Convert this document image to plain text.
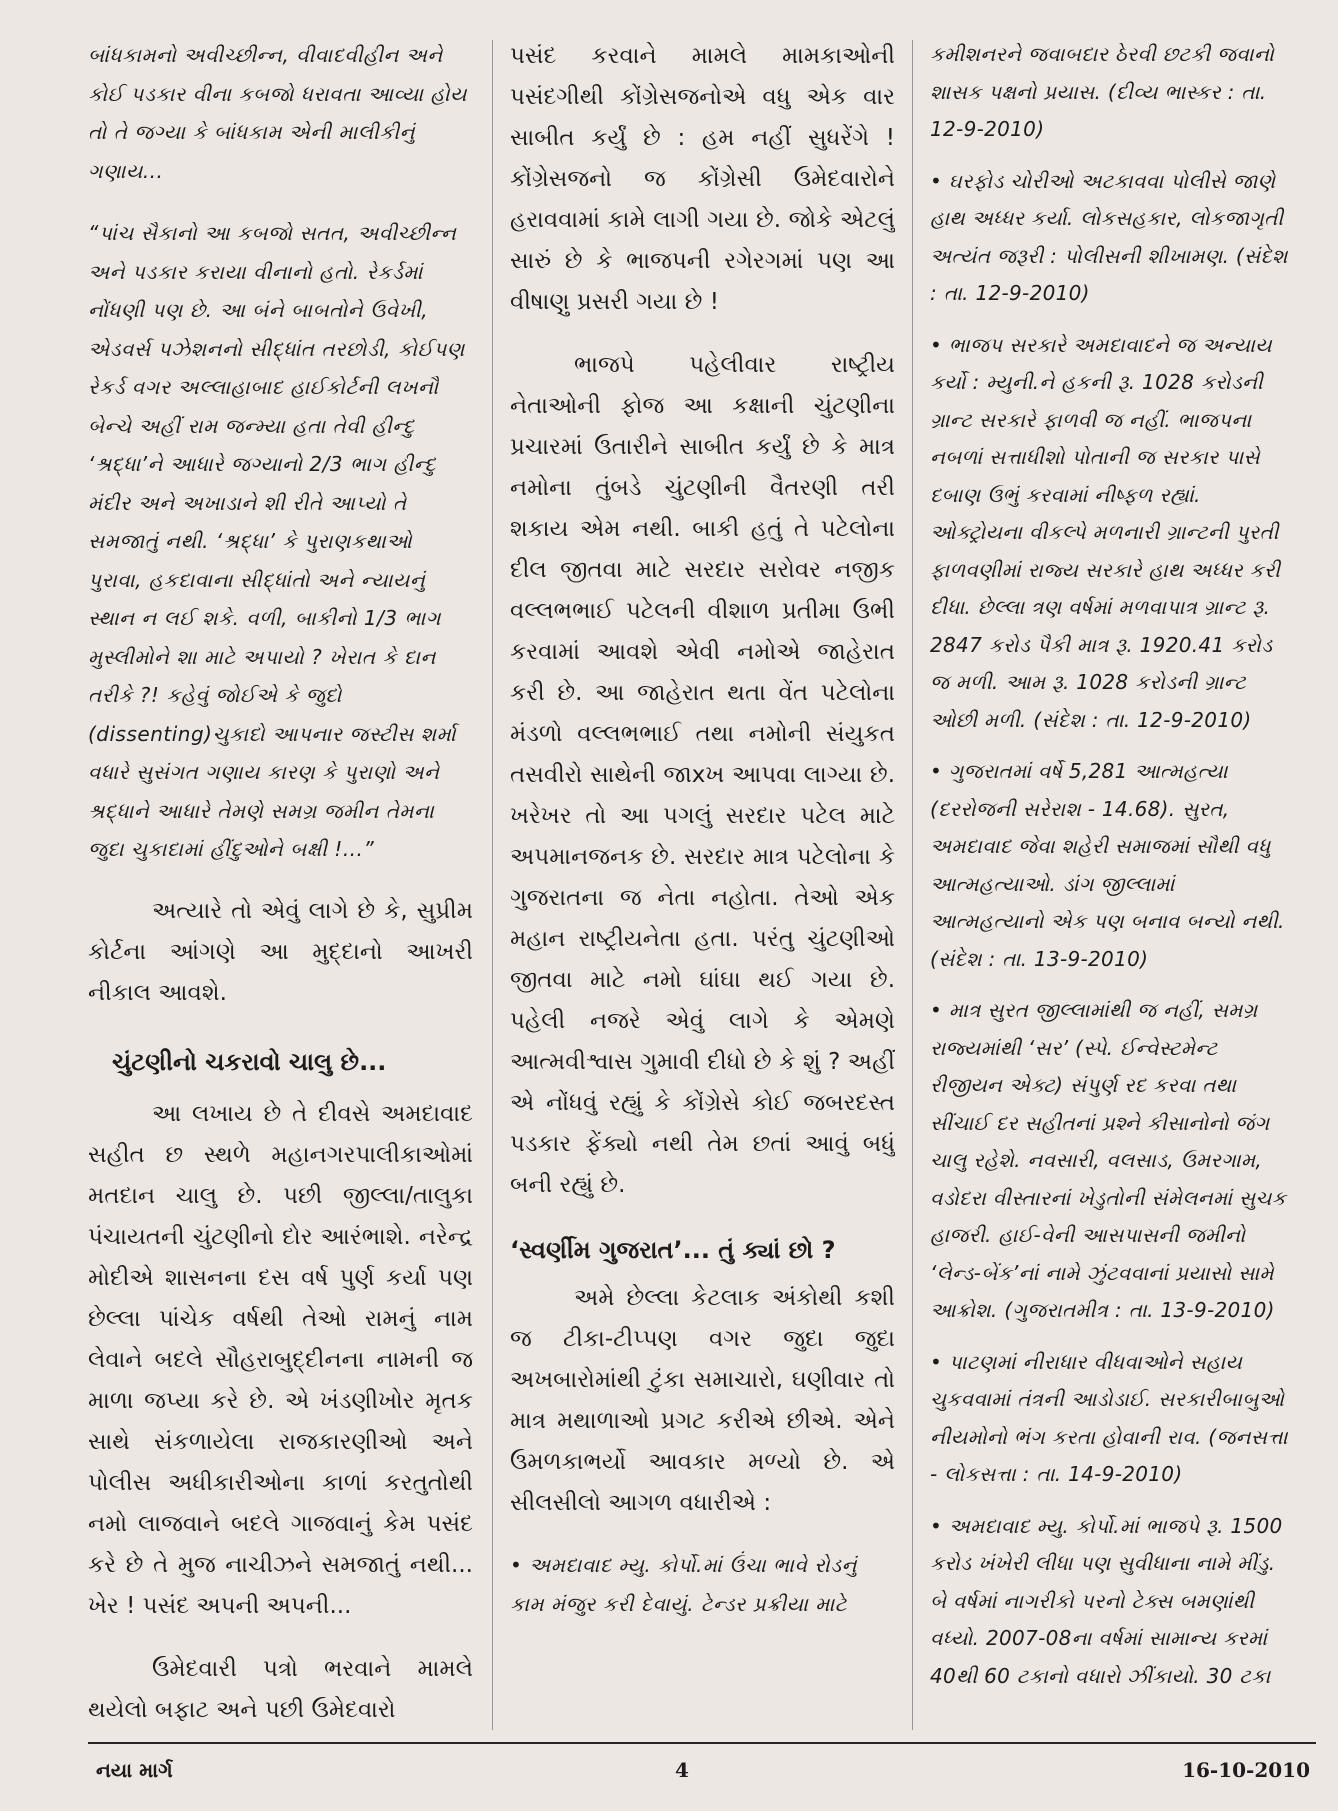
બાંધકામનો અવીચ્છીન્ન, વીવાદવીહીન અને કોઈ પડકાર વીના કબજો ધરાવતા આવ્યા હોય તો તે જગ્યા કે બાંધકામ એની માલીકીનું ગણાય...

“પાંચ સૈકાનો આ કબજો સતત, અવીચ્છીન્ન અને પડકાર કરાયા વીનાનો હતો. રેકર્ડમાં નોંધણી પણ છે. આ બંને બાબતોને ઉવેખી, એડવર્સ પઝેશનનો સીદ્ધાંત તરછોડી, કોઈપણ રેકર્ડ વગર અલ્લાહાબાદ હાઈકોર્ટની લખનૌ બેન્ચે અહીં રામ જન્મ્યા હતા તેવી હીન્દુ ‘શ્રદ્ધા’ને આધારે જગ્યાનો 2/3 ભાગ હીન્દુ મંદીર અને અખાડાને શી રીતે આપ્યો તે સમજાતું નથી. ‘શ્રદ્ધા’ કે પુરાણકથાઓ પુરાવા, હકદાવાના સીદ્ધાંતો અને ન્યાયનું સ્થાન ન લઈ શકે. વળી, બાકીનો 1/3 ભાગ મુસ્લીમોને શા માટે અપાયો ? ખેરાત કે દાન તરીકે ?! કહેવું જોઈએ કે જુદો (dissenting)ચુકાદો આપનાર જસ્ટીસ શર્મા વધારે સુસંગત ગણાય કારણ કે પુરાણો અને શ્રદ્ધાને આધારે તેમણે સમગ્ર જમીન તેમના જુદા ચુકાદામાં હીંદુઓને બક્ષી !...”

અત્યારે તો એવું લાગે છે કે, સુપ્રીમ કોર્ટના આંગણે આ મુદ્દાનો આખરી નીકાલ આવશે.

ચુંટણીનો ચકરાવો ચાલુ છે...

આ લખાય છે તે દીવસે અમદાવાદ સહીત છ સ્થળે મહાનગરપાલીકાઓમાં મતદાન ચાલુ છે. પછી જીલ્લા/તાલુકા પંચાયતની ચુંટણીનો દોર આરંભાશે. નરેન્દ્ર મોદીએ શાસનના દસ વર્ષ પુર્ણ કર્યા પણ છેલ્લા પાંચેક વર્ષથી તેઓ રામનું નામ લેવાને બદલે સૌહરાબુદ્દીનના નામની જ માળા જપ્યા કરે છે. એ ખંડણીખોર મૃતક સાથે સંકળાયેલા રાજકારણીઓ અને પોલીસ અધીકારીઓના કાળાં કરતુતોથી નમો લાજવાને બદલે ગાજવાનું કેમ પસંદ કરે છે તે મુજ નાચીઝને સમજાતું નથી... ખેર ! પસંદ અપની અપની...

ઉમેદવારી પત્રો ભરવાને મામલે થયેલો બફાટ અને પછી ઉમેદવારો

પસંદ કરવાને મામલે મામકાઓની પસંદગીથી કોંગ્રેસજનોએ વધુ એક વાર સાબીત કર્યું છે : હમ નહીં સુધરેંગે ! કોંગ્રેસજનો જ કોંગ્રેસી ઉમેદવારોને હરાવવામાં કામે લાગી ગયા છે. જોકે એટલું સારું છે કે ભાજપની રગેરગમાં પણ આ વીષાણુ પ્રસરી ગયા છે !

ભાજપે પહેલીવાર રાષ્ટ્રીય નેતાઓની ફોજ આ કક્ષાની ચુંટણીના પ્રચારમાં ઉતારીને સાબીત કર્યું છે કે માત્ર નમોના તુંબડે ચુંટણીની વૈતરણી તરી શકાય એમ નથી. બાકી હતું તે પટેલોના દીલ જીતવા માટે સરદાર સરોવર નજીક વલ્લભભાઈ પટેલની વીશાળ પ્રતીમા ઉભી કરવામાં આવશે એવી નમોએ જાહેરાત કરી છે. આ જાહેરાત થતા વેંત પટેલોના મંડળો વલ્લભભાઈ તથા નમોની સંયુકત તસવીરો સાથેની જાxખ આપવા લાગ્યા છે. ખરેખર તો આ પગલું સરદાર પટેલ માટે અપમાનજનક છે. સરદાર માત્ર પટેલોના કે ગુજરાતના જ નેતા નહોતા. તેઓ એક મહાન રાષ્ટ્રીયનેતા હતા. પરંતુ ચુંટણીઓ જીતવા માટે નમો ઘાંઘા થઈ ગયા છે. પહેલી નજરે એવું લાગે કે એમણે આત્મવીશ્વાસ ગુમાવી દીધો છે કે શું ? અહીં એ નોંધવું રહ્યું કે કોંગ્રેસે કોઈ જબરદસ્ત પડકાર ફેંક્યો નથી તેમ છતાં આવું બધું બની રહ્યું છે.

‘સ્વર્ણીમ ગુજરાત’... તું ક્યાં છો ?

અમે છેલ્લા કેટલાક અંકોથી કશી જ ટીકા-ટીપ્પણ વગર જુદા જુદા અખબારોમાંથી ટુંકા સમાચારો, ઘણીવાર તો માત્ર મથાળાઓ પ્રગટ કરીએ છીએ. એને ઉમળકાભર્યો આવકાર મળ્યો છે. એ સીલસીલો આગળ વધારીએ :

• અમદાવાદ મ્યુ. કોર્પો.માં ઉંચા ભાવે રોડનું કામ મંજુર કરી દેવાયું. ટેન્ડર પ્રક્રીયા માટે

કમીશનરને જવાબદાર ઠેરવી છટકી જવાનો શાસક પક્ષનો પ્રયાસ. (દીવ્ય ભાસ્કર : તા. 12-9-2010)

• ઘરફોડ ચોરીઓ અટકાવવા પોલીસે જાણે હાથ અધ્ધર કર્યા. લોકસહકાર, લોકજાગૃતી અત્યંત જરૂરી : પોલીસની શીખામણ. (સંદેશ : તા. 12-9-2010)

• ભાજપ સરકારે અમદાવાદને જ અન્યાય કર્યો : મ્યુની.ને હકની રૂ. 1028 કરોડની ગ્રાન્ટ સરકારે ફાળવી જ નહીં. ભાજપના નબળાં સત્તાધીશો પોતાની જ સરકાર પાસે દબાણ ઉભું કરવામાં નીષ્ફળ રહ્યાં. ઓક્ટ્રોયના વીકલ્પે મળનારી ગ્રાન્ટની પુરતી ફાળવણીમાં રાજ્ય સરકારે હાથ અધ્ધર કરી દીધા. છેલ્લા ત્રણ વર્ષમાં મળવાપાત્ર ગ્રાન્ટ રૂ. 2847 કરોડ પૈકી માત્ર રૂ. 1920.41 કરોડ જ મળી. આમ રૂ. 1028 કરોડની ગ્રાન્ટ ઓછી મળી. (સંદેશ : તા. 12-9-2010)

• ગુજરાતમાં વર્ષે 5,281 આત્મહત્યા (દરરોજની સરેરાશ - 14.68). સુરત, અમદાવાદ જેવા શહેરી સમાજમાં સૌથી વધુ આત્મહત્યાઓ. ડાંગ જીલ્લામાં આત્મહત્યાનો એક પણ બનાવ બન્યો નથી. (સંદેશ : તા. 13-9-2010)

• માત્ર સુરત જીલ્લામાંથી જ નહીં, સમગ્ર રાજ્યમાંથી ‘સર’ (સ્પે. ઈન્વેસ્ટમેન્ટ રીજીયન એક્ટ) સંપુર્ણ રદ કરવા તથા સીંચાઈ દર સહીતનાં પ્રશ્ને કીસાનોનો જંગ ચાલુ રહેશે. નવસારી, વલસાડ, ઉમરગામ, વડોદરા વીસ્તારનાં ખેડુતોની સંમેલનમાં સુચક હાજરી. હાઈ-વેની આસપાસની જમીનો ‘લેન્ડ-બેંક’નાં નામે ઝુંટવવાનાં પ્રયાસો સામે આક્રોશ. (ગુજરાતમીત્ર : તા. 13-9-2010)

• પાટણમાં નીરાધાર વીધવાઓને સહાય ચુકવવામાં તંત્રની આડોડાઈ. સરકારીબાબુઓ નીયમોનો ભંગ કરતા હોવાની રાવ. (જનસત્તા - લોકસત્તા : તા. 14-9-2010)

• અમદાવાદ મ્યુ. કોર્પો.માં ભાજપે રૂ. 1500 કરોડ ખંખેરી લીધા પણ સુવીધાના નામે મીંડુ. બે વર્ષમાં નાગરીકો પરનો ટેક્સ બમણાંથી વધ્યો. 2007-08ના વર્ષમાં સામાન્ય કરમાં 40થી 60 ટકાનો વધારો ઝીંકાયો. 30 ટકા

નયા માર્ગ	4	16-10-2010
